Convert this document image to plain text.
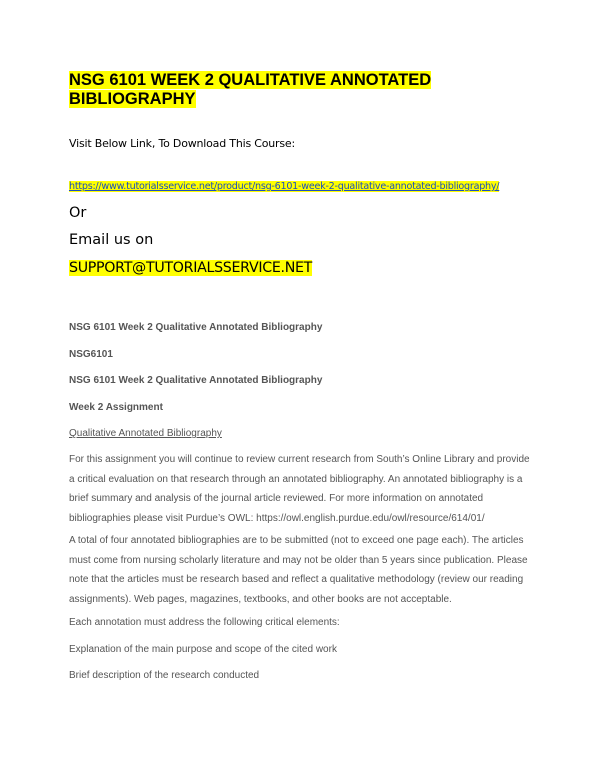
NSG 6101 WEEK 2 QUALITATIVE ANNOTATED BIBLIOGRAPHY
Visit Below Link, To Download This Course:
https://www.tutorialsservice.net/product/nsg-6101-week-2-qualitative-annotated-bibliography/
Or
Email us on
SUPPORT@TUTORIALSSERVICE.NET
NSG 6101 Week 2 Qualitative Annotated Bibliography
NSG6101
NSG 6101 Week 2 Qualitative Annotated Bibliography
Week 2 Assignment
Qualitative Annotated Bibliography

For this assignment you will continue to review current research from South’s Online Library and provide a critical evaluation on that research through an annotated bibliography. An annotated bibliography is a brief summary and analysis of the journal article reviewed. For more information on annotated bibliographies please visit Purdue’s OWL: https://owl.english.purdue.edu/owl/resource/614/01/

A total of four annotated bibliographies are to be submitted (not to exceed one page each). The articles must come from nursing scholarly literature and may not be older than 5 years since publication. Please note that the articles must be research based and reflect a qualitative methodology (review our reading assignments). Web pages, magazines, textbooks, and other books are not acceptable.

Each annotation must address the following critical elements:
Explanation of the main purpose and scope of the cited work
Brief description of the research conducted
